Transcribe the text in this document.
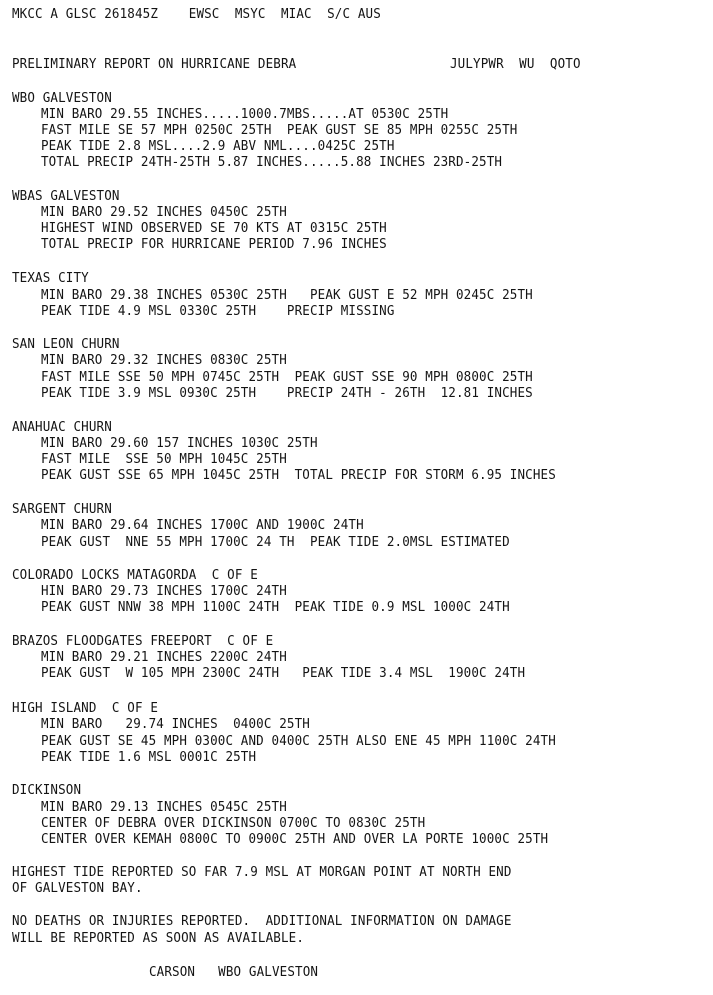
MKCC A GLSC 261845Z    EWSC  MSYC  MIAC  S/C AUS
PRELIMINARY REPORT ON HURRICANE DEBRA	JULYPWR  WU  QOTO
WBO GALVESTON
MIN BARO 29.55 INCHES.....1000.7MBS.....AT 0530C 25TH
FAST MILE SE 57 MPH 0250C 25TH  PEAK GUST SE 85 MPH 0255C 25TH
PEAK TIDE 2.8 MSL....2.9 ABV NML....0425C 25TH
TOTAL PRECIP 24TH-25TH 5.87 INCHES.....5.88 INCHES 23RD-25TH
WBAS GALVESTON
MIN BARO 29.52 INCHES 0450C 25TH
HIGHEST WIND OBSERVED SE 70 KTS AT 0315C 25TH
TOTAL PRECIP FOR HURRICANE PERIOD 7.96 INCHES
TEXAS CITY
MIN BARO 29.38 INCHES 0530C 25TH   PEAK GUST E 52 MPH 0245C 25TH
PEAK TIDE 4.9 MSL 0330C 25TH    PRECIP MISSING
SAN LEON CHURN
MIN BARO 29.32 INCHES 0830C 25TH
FAST MILE SSE 50 MPH 0745C 25TH  PEAK GUST SSE 90 MPH 0800C 25TH
PEAK TIDE 3.9 MSL 0930C 25TH    PRECIP 24TH - 26TH  12.81 INCHES
ANAHUAC CHURN
MIN BARO 29.60 157 INCHES 1030C 25TH
FAST MILE  SSE 50 MPH 1045C 25TH
PEAK GUST SSE 65 MPH 1045C 25TH  TOTAL PRECIP FOR STORM 6.95 INCHES
SARGENT CHURN
MIN BARO 29.64 INCHES 1700C AND 1900C 24TH
PEAK GUST  NNE 55 MPH 1700C 24 TH  PEAK TIDE 2.0MSL ESTIMATED
COLORADO LOCKS MATAGORDA  C OF E
HIN BARO 29.73 INCHES 1700C 24TH
PEAK GUST NNW 38 MPH 1100C 24TH  PEAK TIDE 0.9 MSL 1000C 24TH
BRAZOS FLOODGATES FREEPORT  C OF E
MIN BARO 29.21 INCHES 2200C 24TH
PEAK GUST  W 105 MPH 2300C 24TH   PEAK TIDE 3.4 MSL  1900C 24TH
HIGH ISLAND  C OF E
MIN BARO   29.74 INCHES  0400C 25TH
PEAK GUST SE 45 MPH 0300C AND 0400C 25TH ALSO ENE 45 MPH 1100C 24TH
PEAK TIDE 1.6 MSL 0001C 25TH
DICKINSON
MIN BARO 29.13 INCHES 0545C 25TH
CENTER OF DEBRA OVER DICKINSON 0700C TO 0830C 25TH
CENTER OVER KEMAH 0800C TO 0900C 25TH AND OVER LA PORTE 1000C 25TH
HIGHEST TIDE REPORTED SO FAR 7.9 MSL AT MORGAN POINT AT NORTH END
OF GALVESTON BAY.
NO DEATHS OR INJURIES REPORTED.  ADDITIONAL INFORMATION ON DAMAGE
WILL BE REPORTED AS SOON AS AVAILABLE.
CARSON   WBO GALVESTON
